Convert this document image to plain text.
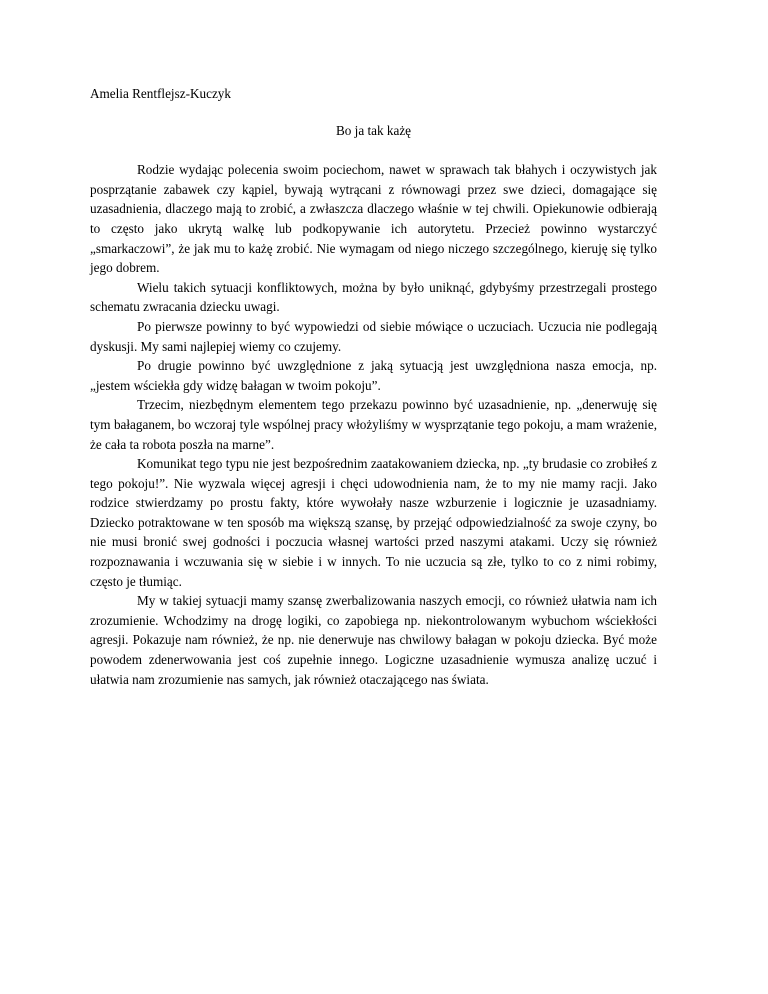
Amelia Rentflejsz-Kuczyk

Bo ja tak każę

Rodzie wydając polecenia swoim pociechom, nawet w sprawach tak błahych i oczywistych jak posprzątanie zabawek czy kąpiel, bywają wytrącani z równowagi przez swe dzieci, domagające się uzasadnienia, dlaczego mają to zrobić, a zwłaszcza dlaczego właśnie w tej chwili. Opiekunowie odbierają to często jako ukrytą walkę lub podkopywanie ich autorytetu. Przecież powinno wystarczyć „smarkaczowi”, że jak mu to każę zrobić. Nie wymagam od niego niczego szczególnego, kieruję się tylko jego dobrem.

Wielu takich sytuacji konfliktowych, można by było uniknąć, gdybyśmy przestrzegali prostego schematu zwracania dziecku uwagi.

Po pierwsze powinny to być wypowiedzi od siebie mówiące o uczuciach. Uczucia nie podlegają dyskusji. My sami najlepiej wiemy co czujemy.

Po drugie powinno być uwzględnione z jaką sytuacją jest uwzględniona nasza emocja, np. „jestem wściekła gdy widzę bałagan w twoim pokoju”.

Trzecim, niezbędnym elementem tego przekazu powinno być uzasadnienie, np. „denerwuję się tym bałaganem, bo wczoraj tyle wspólnej pracy włożyliśmy w wysprzątanie tego pokoju, a mam wrażenie, że cała ta robota poszła na marne”.

Komunikat tego typu nie jest bezpośrednim zaatakowaniem dziecka, np. „ty brudasie co zrobiłeś z tego pokoju!”. Nie wyzwala więcej agresji i chęci udowodnienia nam, że to my nie mamy racji. Jako rodzice stwierdzamy po prostu fakty, które wywołały nasze wzburzenie i logicznie je uzasadniamy. Dziecko potraktowane w ten sposób ma większą szansę, by przejąć odpowiedzialność za swoje czyny, bo nie musi bronić swej godności i poczucia własnej wartości przed naszymi atakami. Uczy się również rozpoznawania i wczuwania się w siebie i w innych. To nie uczucia są złe, tylko to co z nimi robimy, często je tłumiąc.

My w takiej sytuacji mamy szansę zwerbalizowania naszych emocji, co również ułatwia nam ich zrozumienie. Wchodzimy na drogę logiki, co zapobiega np. niekontrolowanym wybuchom wściekłości agresji. Pokazuje nam również, że np. nie denerwuje nas chwilowy bałagan w pokoju dziecka. Być może powodem zdenerwowania jest coś zupełnie innego. Logiczne uzasadnienie wymusza analizę uczuć i ułatwia nam zrozumienie nas samych, jak również otaczającego nas świata.
